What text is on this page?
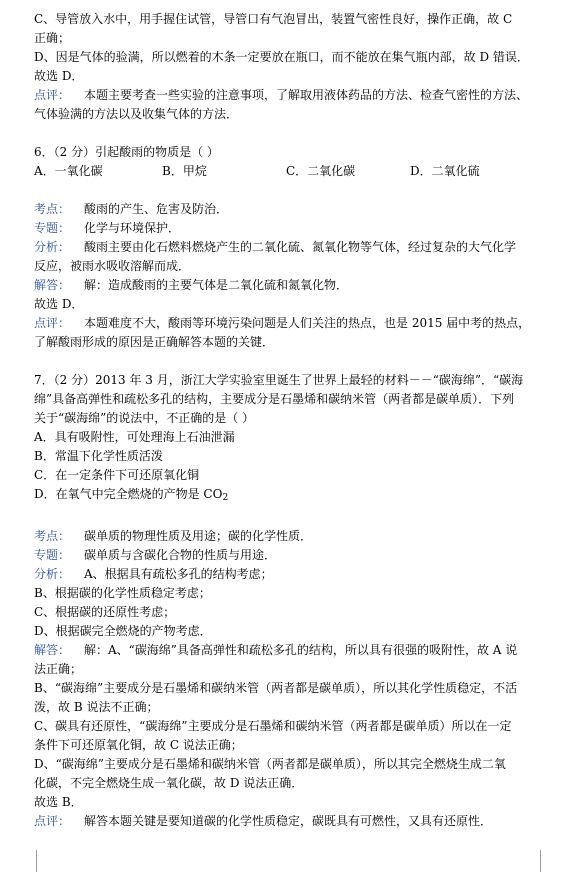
C、导管放入水中，用手握住试管，导管口有气泡冒出，装置气密性良好，操作正确，故 C
正确；
D、因是气体的验满，所以燃着的木条一定要放在瓶口，而不能放在集气瓶内部，故 D 错误．
故选 D．
点评： 本题主要考查一些实验的注意事项，了解取用液体药品的方法、检查气密性的方法、
气体验满的方法以及收集气体的方法．
6．（2 分）引起酸雨的物质是（ ）
A．一氧化碳	B．甲烷	C．二氧化碳	D．二氧化硫
考点： 酸雨的产生、危害及防治．
专题： 化学与环境保护．
分析： 酸雨主要由化石燃料燃烧产生的二氧化硫、氮氧化物等气体，经过复杂的大气化学
反应，被雨水吸收溶解而成．
解答： 解：造成酸雨的主要气体是二氧化硫和氮氧化物．
故选 D．
点评： 本题难度不大，酸雨等环境污染问题是人们关注的热点，也是 2015 届中考的热点，
了解酸雨形成的原因是正确解答本题的关键．
7．（2 分）2013 年 3 月，浙江大学实验室里诞生了世界上最轻的材料－－“碳海绵”．“碳海
绵”具备高弹性和疏松多孔的结构，主要成分是石墨烯和碳纳米管（两者都是碳单质）．下列
关于“碳海绵”的说法中，不正确的是（ ）
A．具有吸附性，可处理海上石油泄漏
B．常温下化学性质活泼
C．在一定条件下可还原氧化铜
D．在氧气中完全燃烧的产物是 $CO_2$
考点： 碳单质的物理性质及用途；碳的化学性质．
专题： 碳单质与含碳化合物的性质与用途．
分析： A、根据具有疏松多孔的结构考虑；
B、根据碳的化学性质稳定考虑；
C、根据碳的还原性考虑；
D、根据碳完全燃烧的产物考虑．
解答： 解：A、“碳海绵”具备高弹性和疏松多孔的结构，所以具有很强的吸附性，故 A 说
法正确；
B、“碳海绵”主要成分是石墨烯和碳纳米管（两者都是碳单质），所以其化学性质稳定，不活
泼，故 B 说法不正确；
C、碳具有还原性，“碳海绵”主要成分是石墨烯和碳纳米管（两者都是碳单质）所以在一定
条件下可还原氧化铜，故 C 说法正确；
D、“碳海绵”主要成分是石墨烯和碳纳米管（两者都是碳单质），所以其完全燃烧生成二氧
化碳，不完全燃烧生成一氧化碳，故 D 说法正确．
故选 B．
点评： 解答本题关键是要知道碳的化学性质稳定，碳既具有可燃性，又具有还原性．
